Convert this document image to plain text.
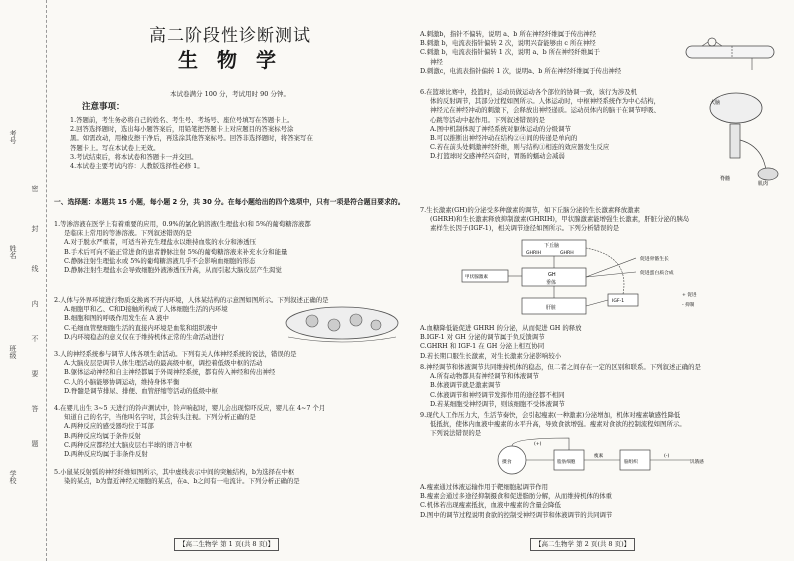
考号
姓名
班级
学校
密
封
线
内
不
要
答
题
高二阶段性诊断测试
生 物 学
本试卷满分 100 分，考试用时 90 分钟。
注意事项：

1.答题前，考生务必将自己的姓名、考生号、考场号、座位号填写在答题卡上。

2.回答选择题时，选出每小题答案后，用铅笔把答题卡上对应题目的答案标号涂

黑。如需改动，用橡皮擦干净后，再选涂其他答案标号。回答非选择题时，将答案写在

答题卡上。写在本试卷上无效。

3.考试结束后，将本试卷和答题卡一并交回。

4.本试卷主要考试内容：人教版选择性必修 1。

一、选择题：本题共 15 小题，每小题 2 分，共 30 分。在每小题给出的四个选项中，只有一项是符合题目要求的。

1.等渗溶液在医学上有着重要的应用，0.9%的氯化钠溶液(生理盐水)和 5%的葡萄糖溶液都

是临床上常用的等渗溶液。下列叙述错误的是

A.对于脱水严重者，可适当补充生理盐水以维持血浆的水分和渗透压

B.手术后可向不能正常进食的患者静脉注射 5%的葡萄糖溶液来补充水分和能量

C.静脉注射生理盐水或 5%的葡萄糖溶液几乎不会影响血细胞的形态

D.静脉注射生理盐水会导致细胞外液渗透压升高，从而引起大脑皮层产生渴觉

2.人体与外界环境进行物质交换离不开内环境，人体某结构的示意图如图所示。下列叙述正确的是

A.细胞甲和乙、C和D接触所构成了人体细胞生活的内环境

B.细胞和图的呼吸作用发生在 A 液中

C.毛细血管壁细胞生活的直接内环境是血浆和组织液中

D.内环境稳态的意义仅在于维持机体正常的生命活动进行

3.人的神经系统参与调节人体各项生命活动。下列有关人体神经系统的说法，错误的是

A.大脑皮层是调节人体生理活动的最高级中枢，调控着低级中枢的活动

B.躯体运动神经和自主神经都属于外周神经系统，都有传入神经和传出神经

C.人的小脑能够协调运动，维持身体平衡

D.脊髓是调节排尿、排便、血管舒缩等活动的低级中枢

4.在婴儿出生 3~5 天进行的铃声测试中，铃声响起时，婴儿会出现惊吓反应，婴儿在 4~7 个月

知道自己的名字，当他叫名字时，其会转头注视。下列分析正确的是

A.两种反应的感受器均位于耳部

B.两种反应均属于条件反射

C.两种反应都经过大脑皮层右半球的语言中枢

D.两种反应均属于非条件反射

5.小鼠某反射弧的神经纤维如图所示，其中虚线表示中间的突触结构，b为选择在中枢

染的某点，b为靠近神经元细胞的某点，在a、b之间有一电流计。下列分析正确的是

【高二生物学 第 1 页(共 8 页)】

A.刺激b，指针不偏转，说明 a、b 所在神经纤维属于传出神经

B.刺激 b，电流表指针偏转 2 次，说明兴奋能够由 c 所在神经

C.刺激 b，电流表指针偏转 1 次，说明 a、b 所在神经纤维属于

神经

D.刺激c，电流表指针偏转 1 次，说明a、b 所在神经纤维属于传出神经

6.在篮球比赛中，投篮时，运动员做运动各个部位的协调一致，该行为涉及机

体的反射调节，其部分过程如图所示。人体运动时，中枢神经系统作为中心结构，

神经元在神经冲动的刺激下，会释放出神经递质。运动员体内的脑干在调节呼吸、

心跳等活动中起作用。下列叙述错误的是

A.图中机制体现了神经系统对躯体运动的分级调节

B.可以推断出神经冲动在结构②④间的传递是单向的

C.若在前头处刺激神经纤维，则与结构①相连的效应器发生反应

D.打篮球时交感神经兴奋时，胃肠的蠕动会减弱

大脑
脊髓
肌肉

7.生长激素(GH)的分泌受多种激素的调节，如下丘脑分泌的生长激素释放激素

(GHRH)和生长激素释放抑制激素(GHRIH)，甲状腺激素能增强生长激素，肝脏分泌的胰岛

素样生长因子(IGF-1)，相关调节途径如图所示。下列分析错误的是

下丘脑
GHRIH	GHRH
GH
垂体
肝脏
IGF-1
甲状腺激素
促进骨骼生长
促进蛋白质合成
+ 促进
- 抑制

A.血糖降低能促进 GHRH 的分泌，从而促进 GH 的释放

B.IGF-1 对 GH 分泌的调节属于负反馈调节

C.GHRH 和 IGF-1 在 GH 分泌上相互协同

D.若长期口服生长激素，对生长激素分泌影响较小

8.神经调节和体液调节共同维持机体的稳态，但二者之间存在一定的区别和联系。下列叙述正确的是

A.所有动物都具有神经调节和体液调节

B.体液调节就是激素调节

C.体液调节和神经调节发挥作用的途径都不相同

D.若某细胞受神经调节，则该细胞不受体液调节

9.现代人工作压力大，生活节奏快，会引起瘦素(一种激素)分泌增加，机体对瘦素敏感性降低

低抵抗，使体内血液中瘦素的水平升高，导致食欲增强。瘦素对食欲的控制流程如图所示。

下列说法错误的是

摄食	脂肪细胞	脑组织
瘦素	(-)
饥饿感
(+)

A.瘦素通过体液运输作用于靶细胞起调节作用

B.瘦素会通过多途径抑制摄食和促进脂肪分解，从而维持机体的体重

C.机体若出现瘦素抵抗，血液中瘦素的含量会降低

D.图中的调节过程说明食欲的控制受神经调节和体液调节的共同调节

【高二生物学 第 2 页(共 8 页)】
